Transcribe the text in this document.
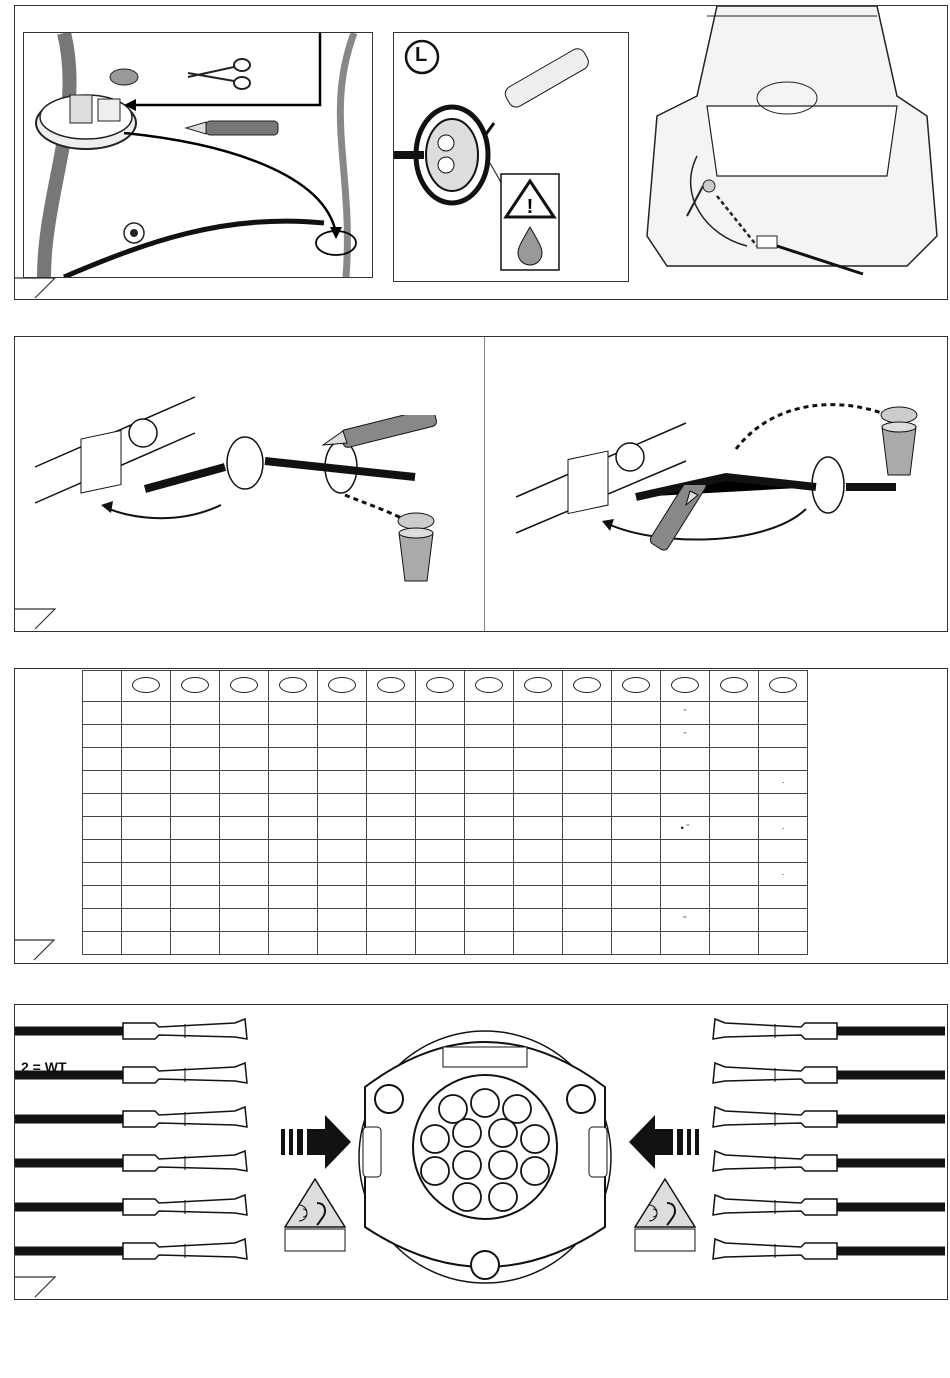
!
L

												ˇ		
												ˇ		

														·

												• ˇ		·

														·

												˘		

2 = WT
